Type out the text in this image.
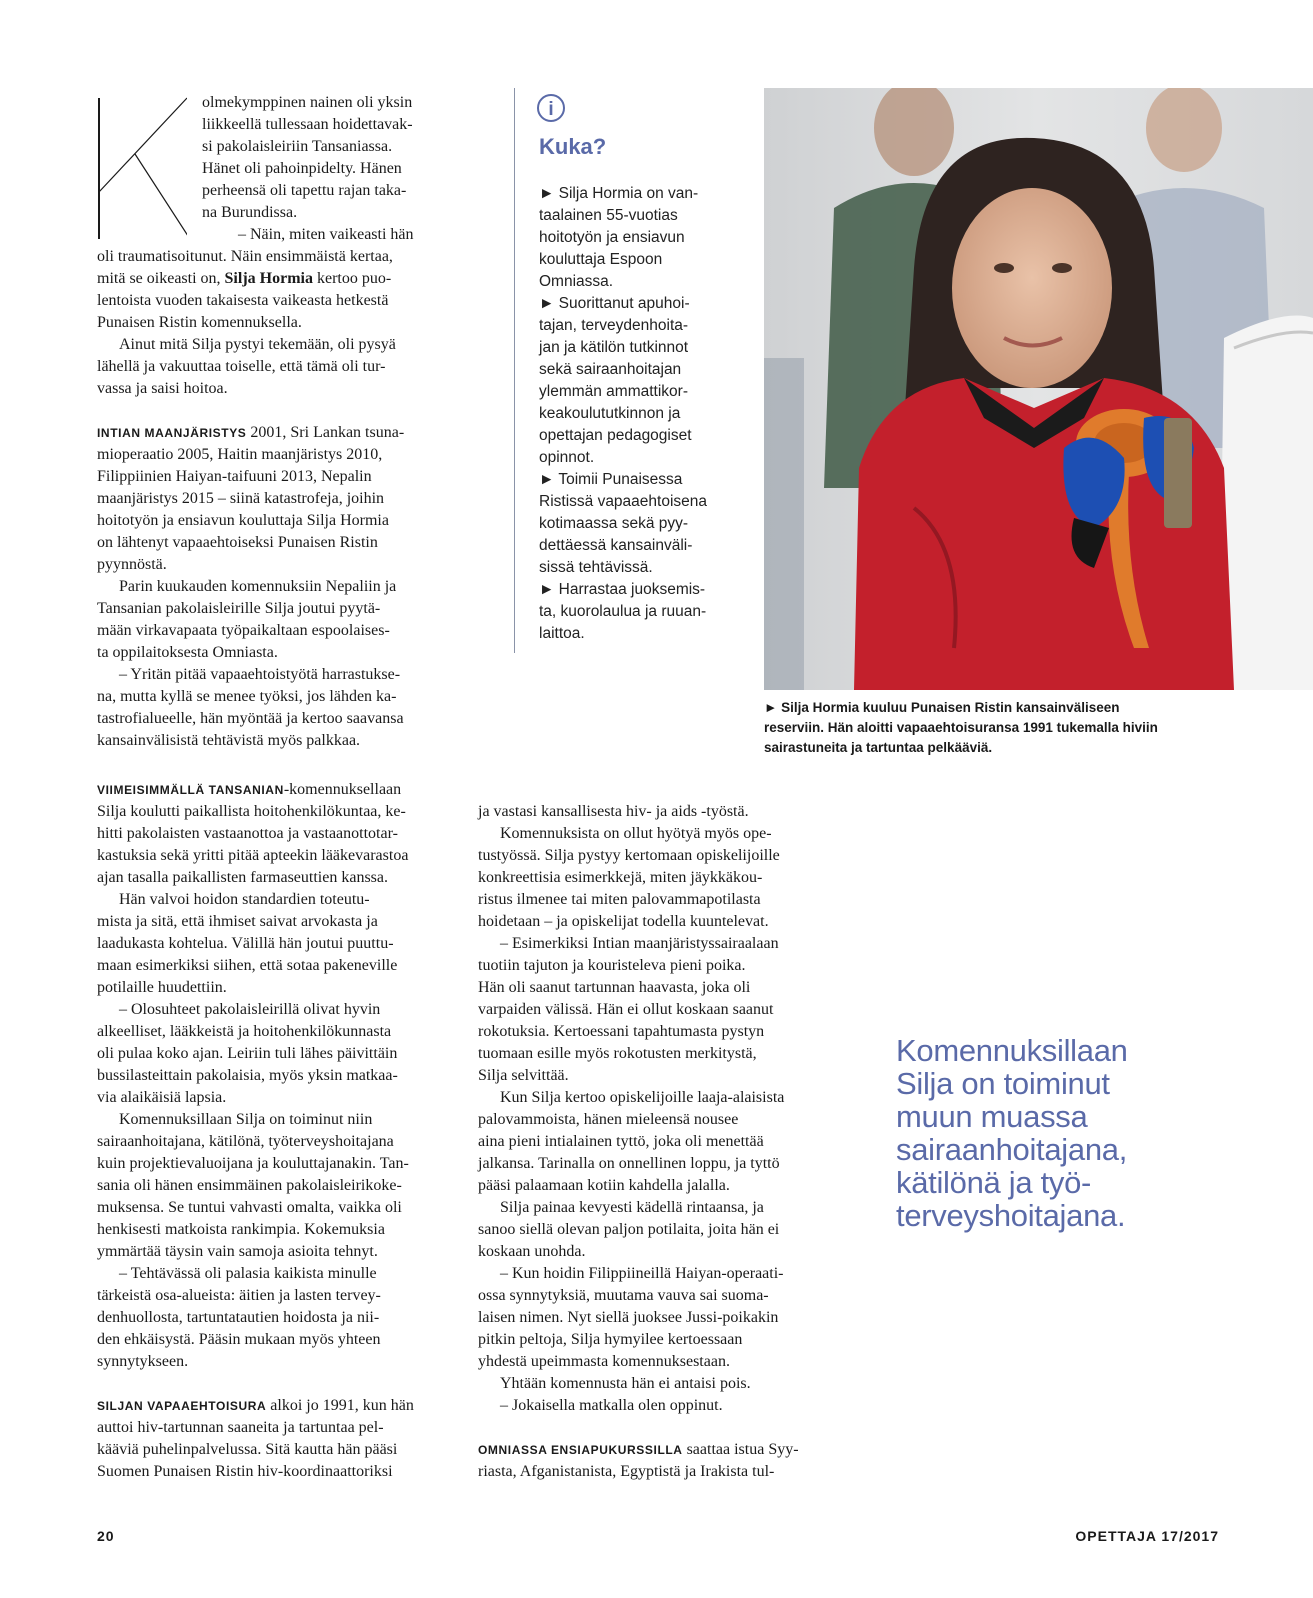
olmekymppinen nainen oli yksin
liikkeellä tullessaan hoidettavak-
si pakolaisleiriin Tansaniassa.
Hänet oli pahoinpidelty. Hänen
perheensä oli tapettu rajan taka-
na Burundissa.
– Näin, miten vaikeasti hän
oli traumatisoitunut. Näin ensimmäistä kertaa,
mitä se oikeasti on, Silja Hormia kertoo puo-
lentoista vuoden takaisesta vaikeasta hetkestä
Punaisen Ristin komennuksella.
Ainut mitä Silja pystyi tekemään, oli pysyä
lähellä ja vakuuttaa toiselle, että tämä oli tur-
vassa ja saisi hoitoa.
INTIAN MAANJÄRISTYS 2001, Sri Lankan tsuna-
mioperaatio 2005, Haitin maanjäristys 2010,
Filippiinien Haiyan-taifuuni 2013, Nepalin
maanjäristys 2015 – siinä katastrofeja, joihin
hoitotyön ja ensiavun kouluttaja Silja Hormia
on lähtenyt vapaaehtoiseksi Punaisen Ristin
pyynnöstä.
Parin kuukauden komennuksiin Nepaliin ja
Tansanian pakolaisleirille Silja joutui pyytä-
mään virkavapaata työpaikaltaan espoolaises-
ta oppilaitoksesta Omniasta.
– Yritän pitää vapaaehtoistyötä harrastukse-
na, mutta kyllä se menee työksi, jos lähden ka-
tastrofialueelle, hän myöntää ja kertoo saavansa
kansainvälisistä tehtävistä myös palkkaa.
VIIMEISIMMÄLLÄ TANSANIAN-komennuksellaan
Silja koulutti paikallista hoitohenkilökuntaa, ke-
hitti pakolaisten vastaanottoa ja vastaanottotar-
kastuksia sekä yritti pitää apteekin lääkevarastoa
ajan tasalla paikallisten farmaseuttien kanssa.
Hän valvoi hoidon standardien toteutu-
mista ja sitä, että ihmiset saivat arvokasta ja
laadukasta kohtelua. Välillä hän joutui puuttu-
maan esimerkiksi siihen, että sotaa pakeneville
potilaille huudettiin.
– Olosuhteet pakolaisleirillä olivat hyvin
alkeelliset, lääkkeistä ja hoitohenkilökunnasta
oli pulaa koko ajan. Leiriin tuli lähes päivittäin
bussilasteittain pakolaisia, myös yksin matkaa-
via alaikäisiä lapsia.
Komennuksillaan Silja on toiminut niin
sairaanhoitajana, kätilönä, työterveyshoitajana
kuin projektievaluoijana ja kouluttajanakin. Tan-
sania oli hänen ensimmäinen pakolaisleirikoke-
muksensa. Se tuntui vahvasti omalta, vaikka oli
henkisesti matkoista rankimpia. Kokemuksia
ymmärtää täysin vain samoja asioita tehnyt.
– Tehtävässä oli palasia kaikista minulle
tärkeistä osa-alueista: äitien ja lasten tervey-
denhuollosta, tartuntatautien hoidosta ja nii-
den ehkäisystä. Pääsin mukaan myös yhteen
synnytykseen.
SILJAN VAPAAEHTOISURA alkoi jo 1991, kun hän
auttoi hiv-tartunnan saaneita ja tartuntaa pel-
kääviä puhelinpalvelussa. Sitä kautta hän pääsi
Suomen Punaisen Ristin hiv-koordinaattoriksi
ja vastasi kansallisesta hiv- ja aids -työstä.
Komennuksista on ollut hyötyä myös ope-
tustyössä. Silja pystyy kertomaan opiskelijoille
konkreettisia esimerkkejä, miten jäykkäkou-
ristus ilmenee tai miten palovammapotilasta
hoidetaan – ja opiskelijat todella kuuntelevat.
– Esimerkiksi Intian maanjäristyssairaalaan
tuotiin tajuton ja kouristeleva pieni poika.
Hän oli saanut tartunnan haavasta, joka oli
varpaiden välissä. Hän ei ollut koskaan saanut
rokotuksia. Kertoessani tapahtumasta pystyn
tuomaan esille myös rokotusten merkitystä,
Silja selvittää.
Kun Silja kertoo opiskelijoille laaja-alaisista
palovammoista, hänen mieleensä nousee
aina pieni intialainen tyttö, joka oli menettää
jalkansa. Tarinalla on onnellinen loppu, ja tyttö
pääsi palaamaan kotiin kahdella jalalla.
Silja painaa kevyesti kädellä rintaansa, ja
sanoo siellä olevan paljon potilaita, joita hän ei
koskaan unohda.
– Kun hoidin Filippiineillä Haiyan-operaati-
ossa synnytyksiä, muutama vauva sai suoma-
laisen nimen. Nyt siellä juoksee Jussi-poikakin
pitkin peltoja, Silja hymyilee kertoessaan
yhdestä upeimmasta komennuksestaan.
Yhtään komennusta hän ei antaisi pois.
– Jokaisella matkalla olen oppinut.
OMNIASSA ENSIAPUKURSSILLA saattaa istua Syy-
riasta, Afganistanista, Egyptistä ja Irakista tul-
i
Kuka?
► Silja Hormia on van-
taalainen 55-vuotias
hoitotyön ja ensiavun
kouluttaja Espoon
Omniassa.
► Suorittanut apuhoi-
tajan, terveydenhoita-
jan ja kätilön tutkinnot
sekä sairaanhoitajan
ylemmän ammattikor-
keakoulututkinnon ja
opettajan pedagogiset
opinnot.
► Toimii Punaisessa
Ristissä vapaaehtoisena
kotimaassa sekä pyy-
dettäessä kansainväli-
sissä tehtävissä.
► Harrastaa juoksemis-
ta, kuorolaulua ja ruuan-
laittoa.
► Silja Hormia kuuluu Punaisen Ristin kansainväliseen
reserviin. Hän aloitti vapaaehtoisuransa 1991 tukemalla hiviin
sairastuneita ja tartuntaa pelkääviä.
Komennuksillaan
Silja on toiminut
muun muassa
sairaanhoitajana,
kätilönä ja työ-
terveyshoitajana.
20	OPETTAJA 17/2017
